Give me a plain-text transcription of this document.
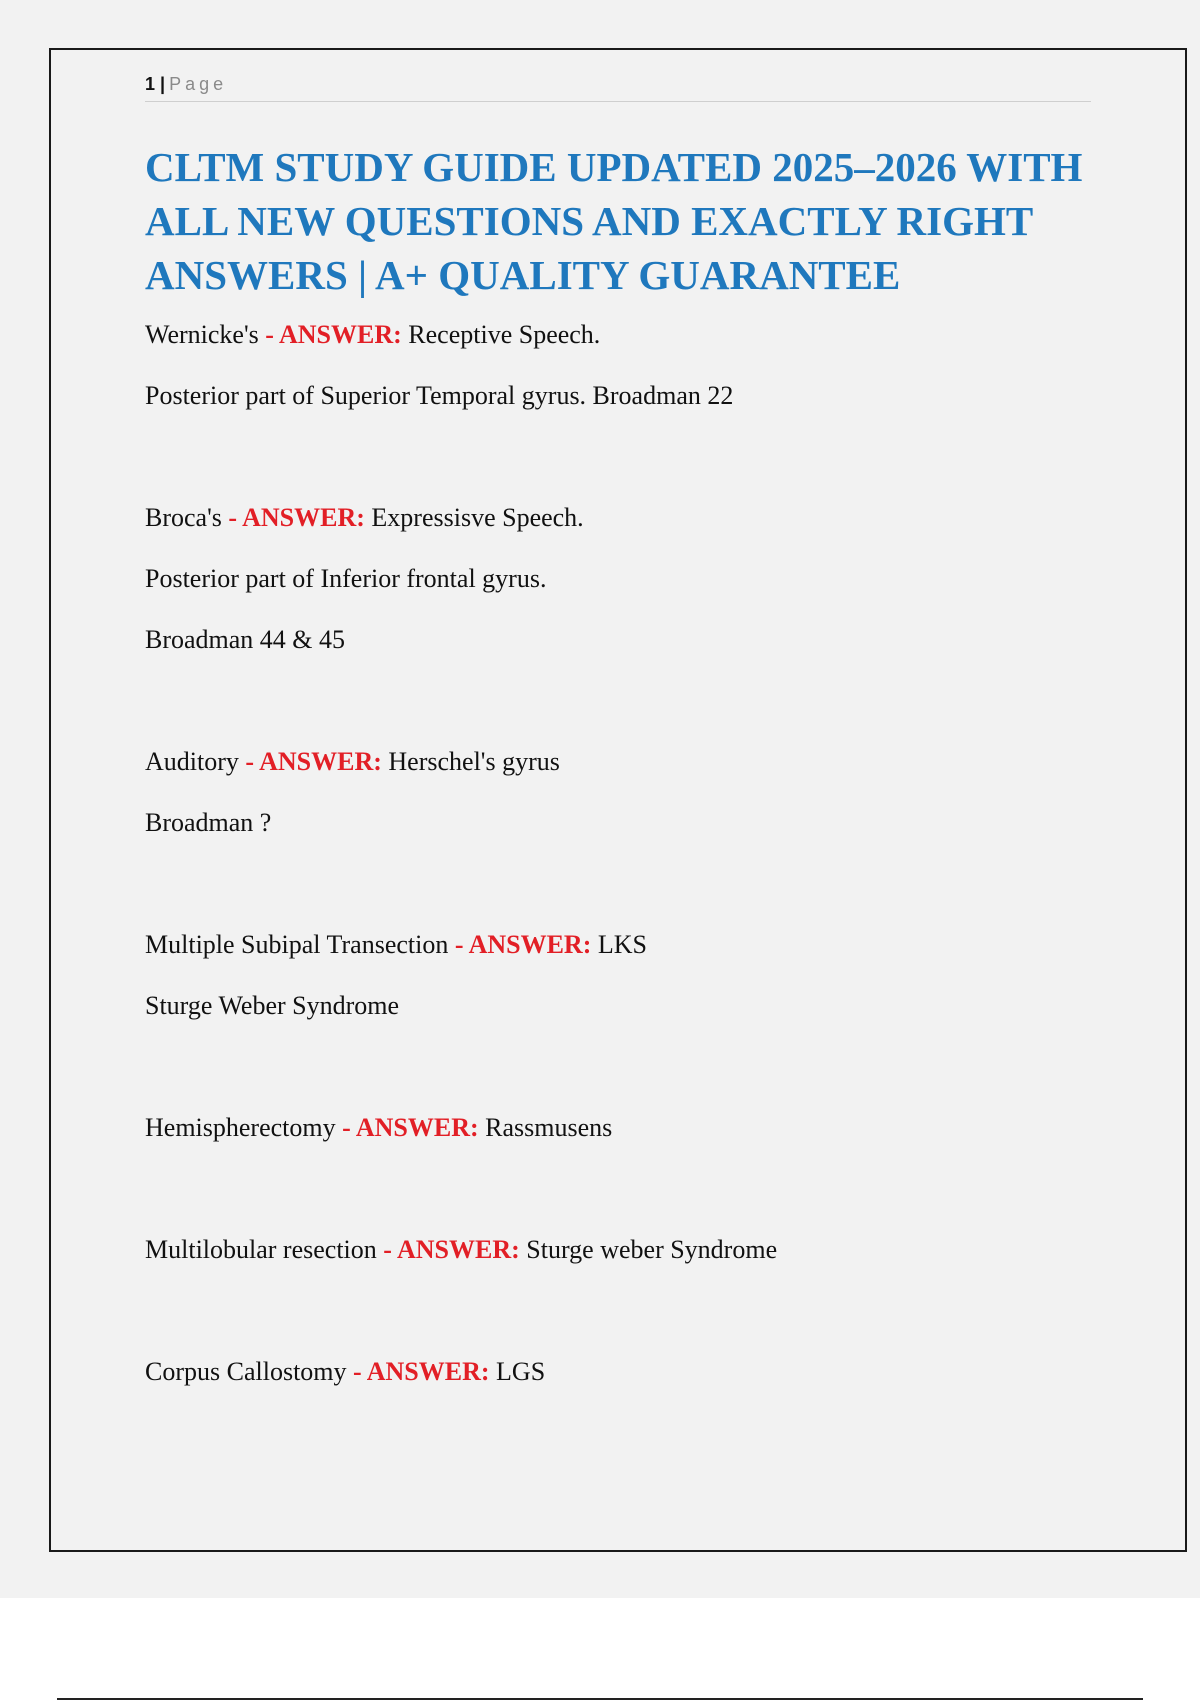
1 | Page
CLTM STUDY GUIDE UPDATED 2025–2026 WITH ALL NEW QUESTIONS AND EXACTLY RIGHT ANSWERS | A+ QUALITY GUARANTEE
Wernicke's - ANSWER: Receptive Speech.
Posterior part of Superior Temporal gyrus. Broadman 22
Broca's - ANSWER: Expressisve Speech.
Posterior part of Inferior frontal gyrus.
Broadman 44 & 45
Auditory - ANSWER: Herschel's gyrus
Broadman ?
Multiple Subipal Transection - ANSWER: LKS
Sturge Weber Syndrome
Hemispherectomy - ANSWER: Rassmusens
Multilobular resection - ANSWER: Sturge weber Syndrome
Corpus Callostomy - ANSWER: LGS
